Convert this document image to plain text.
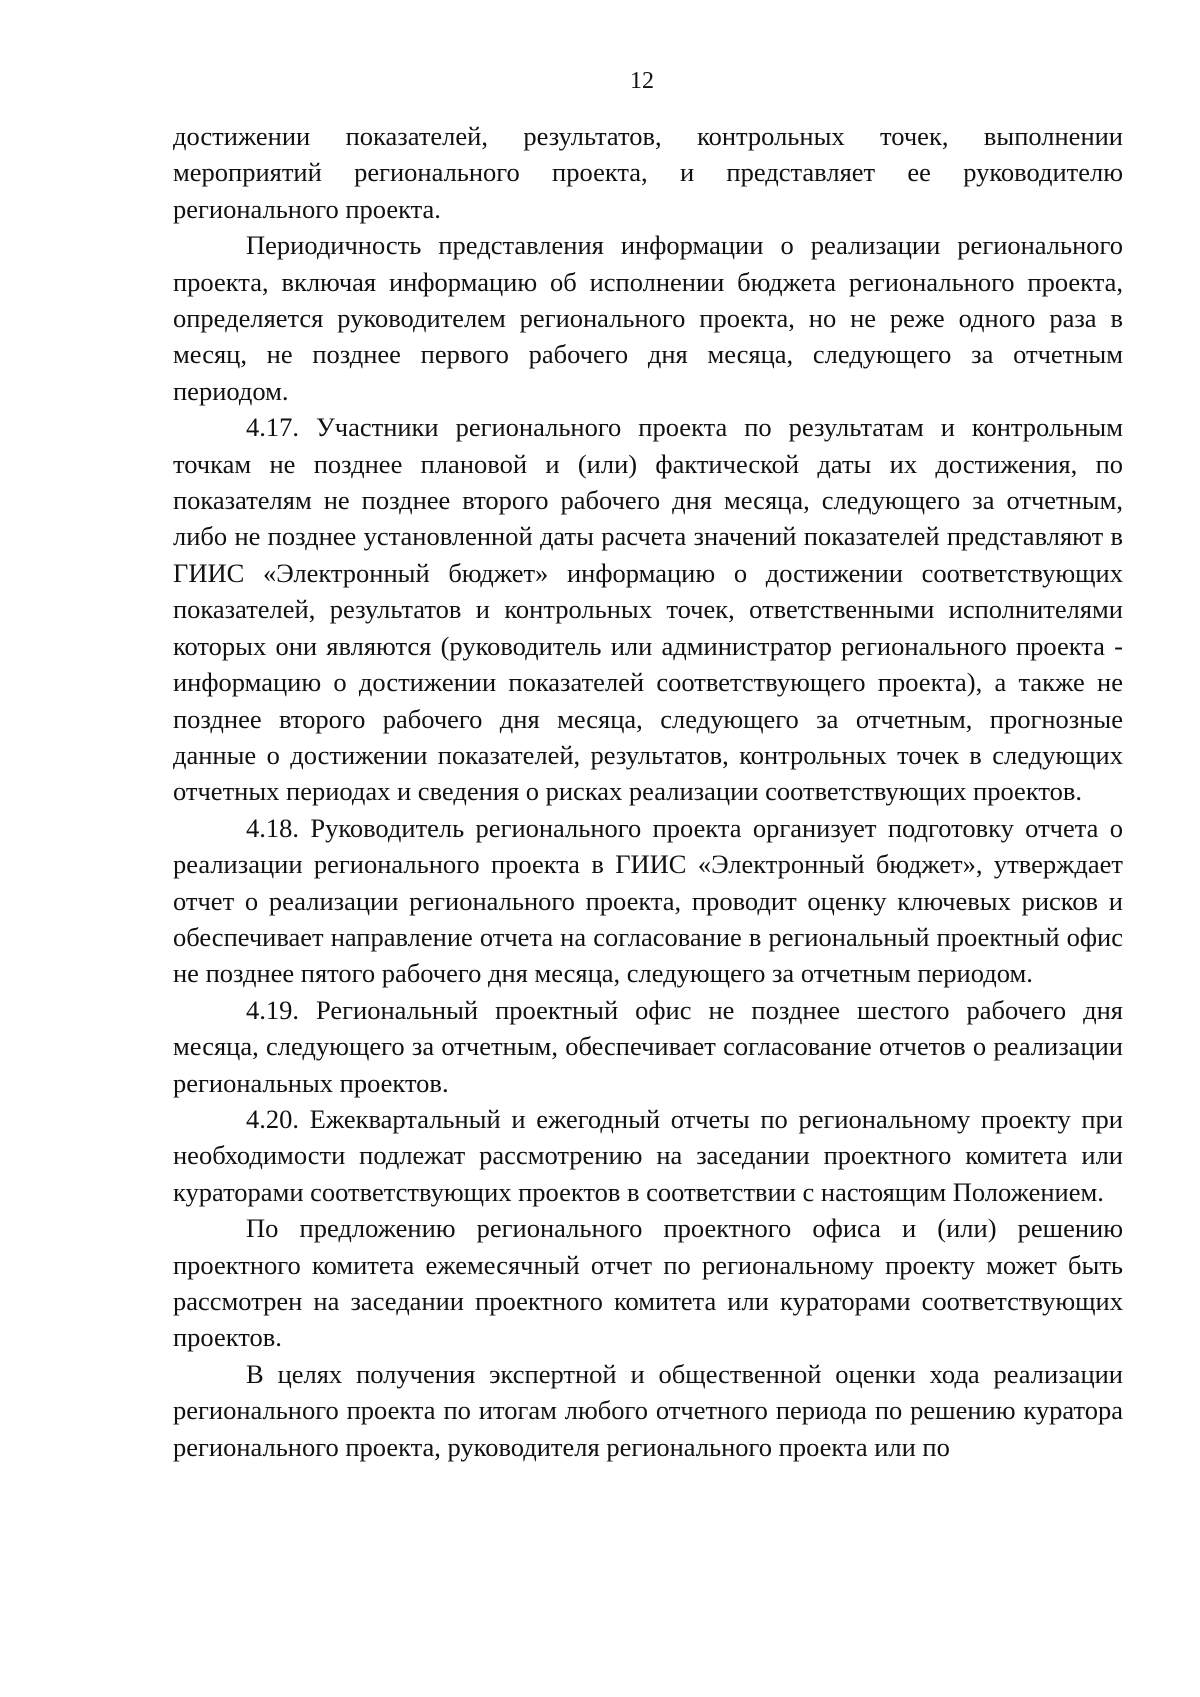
12

достижении показателей, результатов, контрольных точек, выполнении мероприятий регионального проекта, и представляет ее руководителю регионального проекта.

Периодичность представления информации о реализации регионального проекта, включая информацию об исполнении бюджета регионального проекта, определяется руководителем регионального проекта, но не реже одного раза в месяц, не позднее первого рабочего дня месяца, следующего за отчетным периодом.

4.17. Участники регионального проекта по результатам и контрольным точкам не позднее плановой и (или) фактической даты их достижения, по показателям не позднее второго рабочего дня месяца, следующего за отчетным, либо не позднее установленной даты расчета значений показателей представляют в ГИИС «Электронный бюджет» информацию о достижении соответствующих показателей, результатов и контрольных точек, ответственными исполнителями которых они являются (руководитель или администратор регионального проекта - информацию о достижении показателей соответствующего проекта), а также не позднее второго рабочего дня месяца, следующего за отчетным, прогнозные данные о достижении показателей, результатов, контрольных точек в следующих отчетных периодах и сведения о рисках реализации соответствующих проектов.

4.18. Руководитель регионального проекта организует подготовку отчета о реализации регионального проекта в ГИИС «Электронный бюджет», утверждает отчет о реализации регионального проекта, проводит оценку ключевых рисков и обеспечивает направление отчета на согласование в региональный проектный офис не позднее пятого рабочего дня месяца, следующего за отчетным периодом.

4.19. Региональный проектный офис не позднее шестого рабочего дня месяца, следующего за отчетным, обеспечивает согласование отчетов о реализации региональных проектов.

4.20. Ежеквартальный и ежегодный отчеты по региональному проекту при необходимости подлежат рассмотрению на заседании проектного комитета или кураторами соответствующих проектов в соответствии с настоящим Положением.

По предложению регионального проектного офиса и (или) решению проектного комитета ежемесячный отчет по региональному проекту может быть рассмотрен на заседании проектного комитета или кураторами соответствующих проектов.

В целях получения экспертной и общественной оценки хода реализации регионального проекта по итогам любого отчетного периода по решению куратора регионального проекта, руководителя регионального проекта или по
